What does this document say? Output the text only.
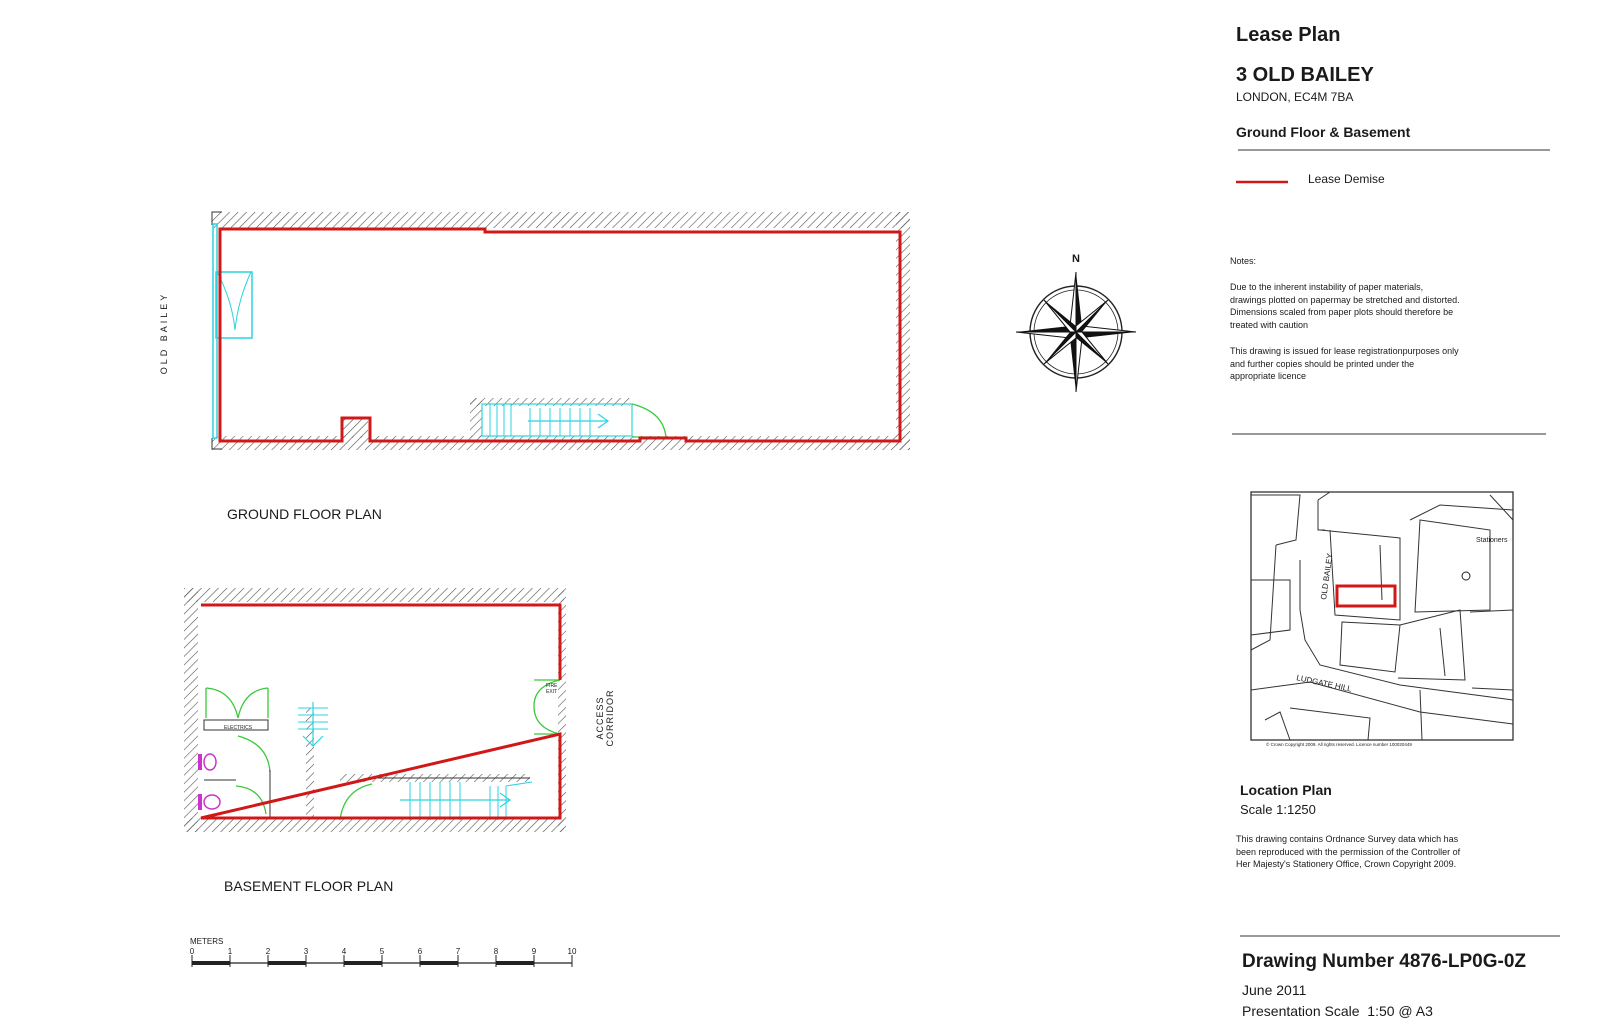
METERS
0	1	2	3	4	5	6	7	8	9	10
N
OLD BAILEY
LUDGATE HILL
Stationers
© Crown Copyright 2009. All rights reserved. Licence number 100020449
Lease Plan
3 OLD BAILEY
LONDON, EC4M 7BA
Ground Floor & Basement
Lease Demise
Notes:
Due to the inherent instability of paper materials,
drawings plotted on papermay be stretched and distorted.
Dimensions scaled from paper plots should therefore be
treated with caution
This drawing is issued for lease registrationpurposes only
and further copies should be printed under the
appropriate licence
GROUND FLOOR PLAN
BASEMENT FLOOR PLAN
OLD BAILEY
ACCESS CORRIDOR
ELECTRICS
FIRE
EXIT
Location Plan
Scale 1:1250
This drawing contains Ordnance Survey data which has
been reproduced with the permission of the Controller of
Her Majesty's Stationery Office, Crown Copyright 2009.
Drawing Number 4876-LP0G-0Z
June 2011
Presentation Scale  1:50 @ A3
